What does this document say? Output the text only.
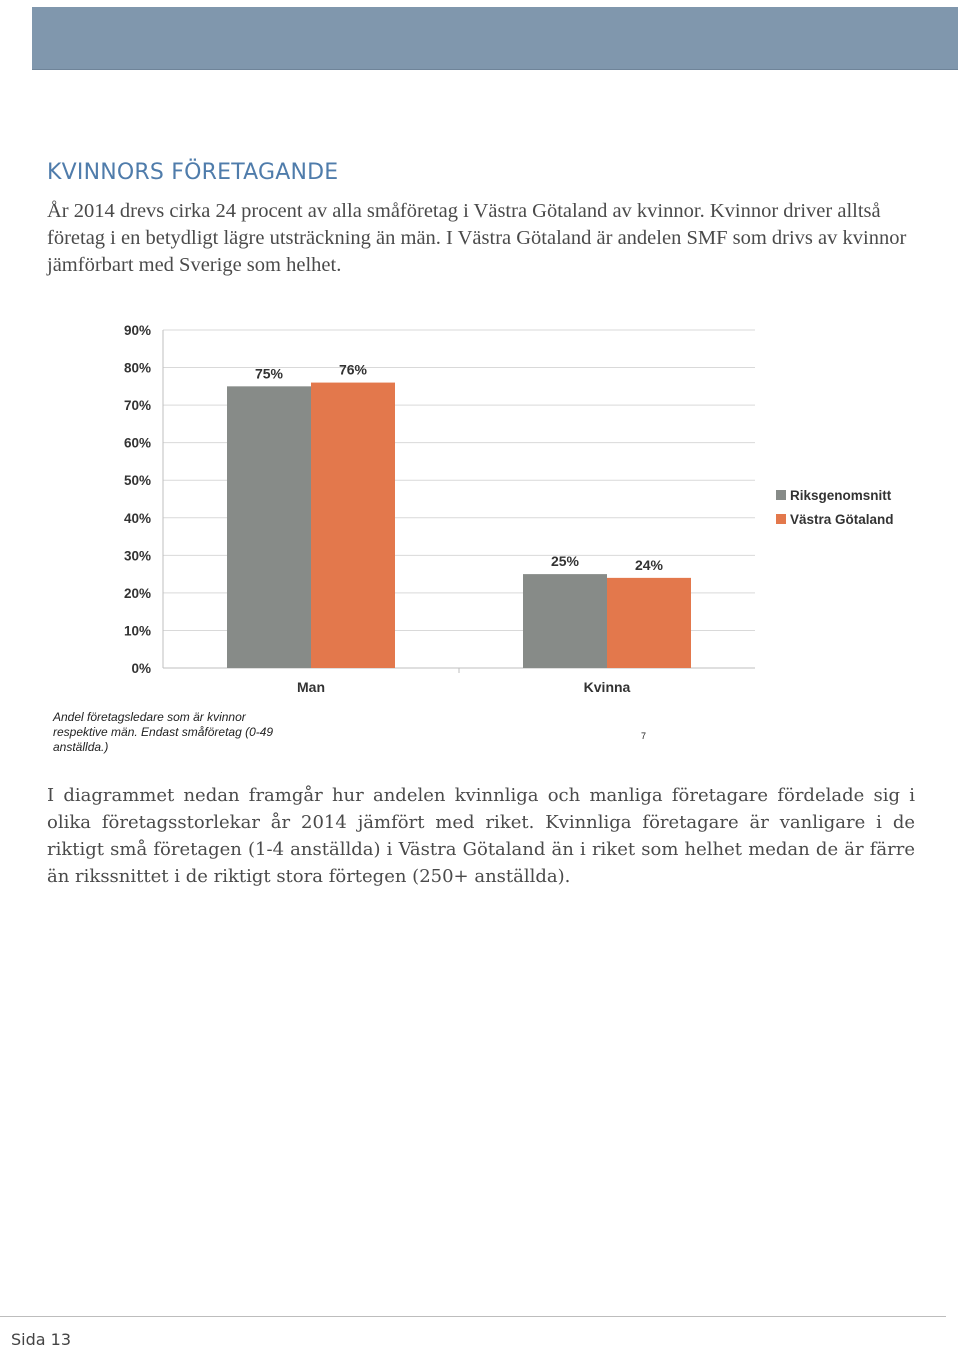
KVINNORS FÖRETAGANDE

År 2014 drevs cirka 24 procent av alla småföretag i Västra Götaland av kvinnor. Kvinnor driver alltså företag i en betydligt lägre utsträckning än män. I Västra Götaland är andelen SMF som drivs av kvinnor jämförbart med Sverige som helhet.

0%
10%
20%
30%
40%
50%
60%
70%
80%
90%
75%	76%
25%	24%
Man	Kvinna
Riksgenomsnitt
Västra Götaland

Andel företagsledare som är kvinnor respektive män. Endast småföretag (0-49 anställda.)

7

I diagrammet nedan framgår hur andelen kvinnliga och manliga företagare fördelade sig i olika företagsstorlekar år 2014 jämfört med riket. Kvinnliga företagare är vanligare i de riktigt små företagen (1-4 anställda) i Västra Götaland än i riket som helhet medan de är färre än rikssnittet i de riktigt stora förtegen (250+ anställda).

Sida 13
